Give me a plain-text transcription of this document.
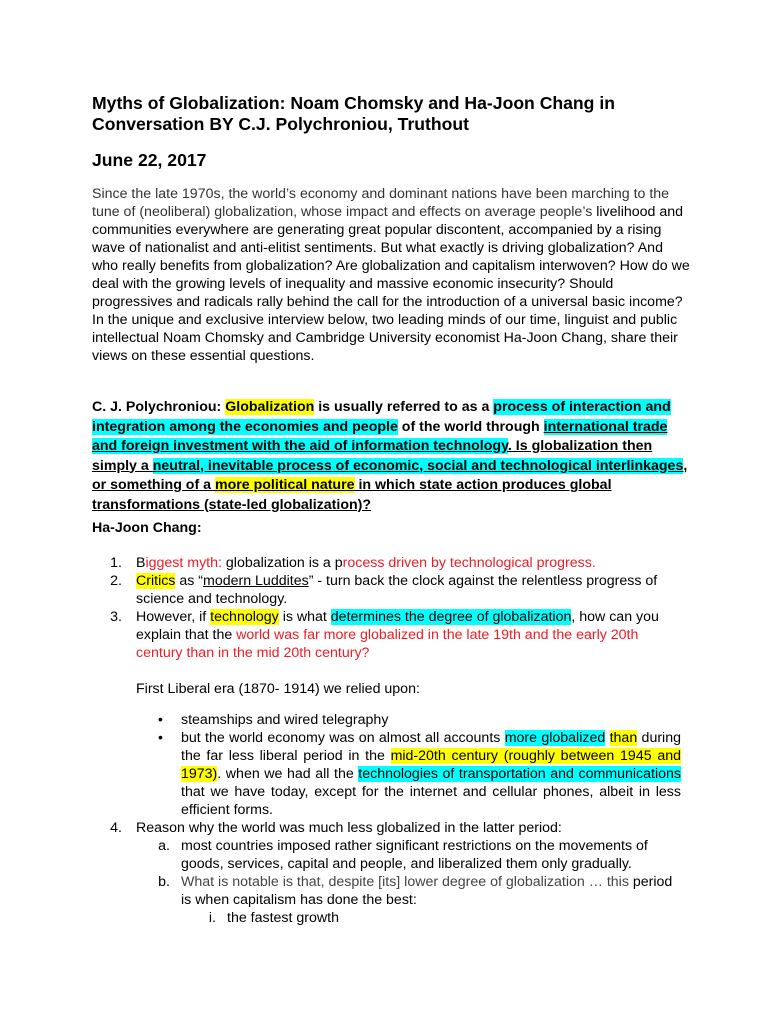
Myths of Globalization: Noam Chomsky and Ha-Joon Chang in Conversation BY C.J. Polychroniou, Truthout
June 22, 2017

Since the late 1970s, the world’s economy and dominant nations have been marching to the tune of (neoliberal) globalization, whose impact and effects on average people’s livelihood and communities everywhere are generating great popular discontent, accompanied by a rising wave of nationalist and anti-elitist sentiments. But what exactly is driving globalization? And who really benefits from globalization? Are globalization and capitalism interwoven? How do we deal with the growing levels of inequality and massive economic insecurity? Should progressives and radicals rally behind the call for the introduction of a universal basic income? In the unique and exclusive interview below, two leading minds of our time, linguist and public intellectual Noam Chomsky and Cambridge University economist Ha-Joon Chang, share their views on these essential questions.

C. J. Polychroniou: Globalization is usually referred to as a process of interaction and integration among the economies and people of the world through international trade and foreign investment with the aid of information technology. Is globalization then simply a neutral, inevitable process of economic, social and technological interlinkages, or something of a more political nature in which state action produces global transformations (state-led globalization)?

Ha-Joon Chang:

1. Biggest myth: globalization is a process driven by technological progress.

2. Critics as “modern Luddites” - turn back the clock against the relentless progress of science and technology.

3. However, if technology is what determines the degree of globalization, how can you explain that the world was far more globalized in the late 19th and the early 20th century than in the mid 20th century?

First Liberal era (1870- 1914) we relied upon:

• steamships and wired telegraphy

• but the world economy was on almost all accounts more globalized than during the far less liberal period in the mid-20th century (roughly between 1945 and 1973). when we had all the technologies of transportation and communications that we have today, except for the internet and cellular phones, albeit in less efficient forms.

4. Reason why the world was much less globalized in the latter period:

a. most countries imposed rather significant restrictions on the movements of goods, services, capital and people, and liberalized them only gradually.

b. What is notable is that, despite [its] lower degree of globalization … this period is when capitalism has done the best:

i. the fastest growth
